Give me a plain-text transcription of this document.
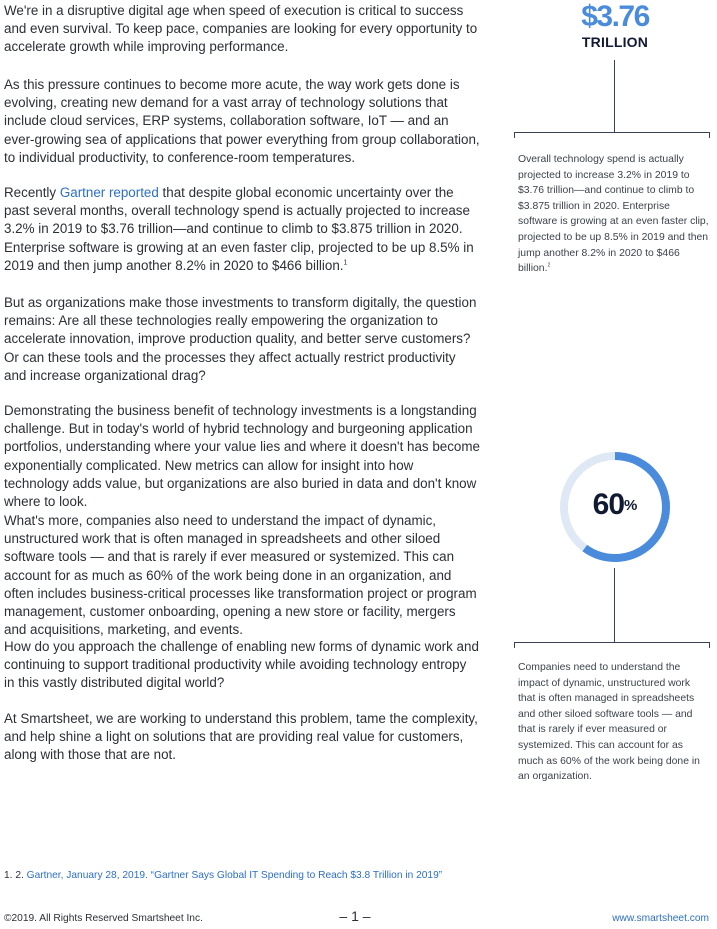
We're in a disruptive digital age when speed of execution is critical to success and even survival. To keep pace, companies are looking for every opportunity to accelerate growth while improving performance.

As this pressure continues to become more acute, the way work gets done is evolving, creating new demand for a vast array of technology solutions that include cloud services, ERP systems, collaboration software, IoT — and an ever-growing sea of applications that power everything from group collaboration, to individual productivity, to conference-room temperatures.

Recently Gartner reported that despite global economic uncertainty over the past several months, overall technology spend is actually projected to increase 3.2% in 2019 to $3.76 trillion—and continue to climb to $3.875 trillion in 2020. Enterprise software is growing at an even faster clip, projected to be up 8.5% in 2019 and then jump another 8.2% in 2020 to $466 billion.$^1$

But as organizations make those investments to transform digitally, the question remains: Are all these technologies really empowering the organization to accelerate innovation, improve production quality, and better serve customers? Or can these tools and the processes they affect actually restrict productivity and increase organizational drag?

Demonstrating the business benefit of technology investments is a longstanding challenge. But in today's world of hybrid technology and burgeoning application portfolios, understanding where your value lies and where it doesn't has become exponentially complicated. New metrics can allow for insight into how technology adds value, but organizations are also buried in data and don't know where to look.

What's more, companies also need to understand the impact of dynamic, unstructured work that is often managed in spreadsheets and other siloed software tools — and that is rarely if ever measured or systemized. This can account for as much as 60% of the work being done in an organization, and often includes business-critical processes like transformation project or program management, customer onboarding, opening a new store or facility, mergers and acquisitions, marketing, and events.

How do you approach the challenge of enabling new forms of dynamic work and continuing to support traditional productivity while avoiding technology entropy in this vastly distributed digital world?

At Smartsheet, we are working to understand this problem, tame the complexity, and help shine a light on solutions that are providing real value for customers, along with those that are not.

$3.76
TRILLION
Overall technology spend is actually projected to increase 3.2% in 2019 to $3.76 trillion—and continue to climb to $3.875 trillion in 2020. Enterprise software is growing at an even faster clip, projected to be up 8.5% in 2019 and then jump another 8.2% in 2020 to $466 billion.$^2$
60%
Companies need to understand the impact of dynamic, unstructured work that is often managed in spreadsheets and other siloed software tools — and that is rarely if ever measured or systemized. This can account for as much as 60% of the work being done in an organization.
1. 2. Gartner, January 28, 2019. “Gartner Says Global IT Spending to Reach $3.8 Trillion in 2019”
©2019. All Rights Reserved Smartsheet Inc.	– 1 –	www.smartsheet.com
